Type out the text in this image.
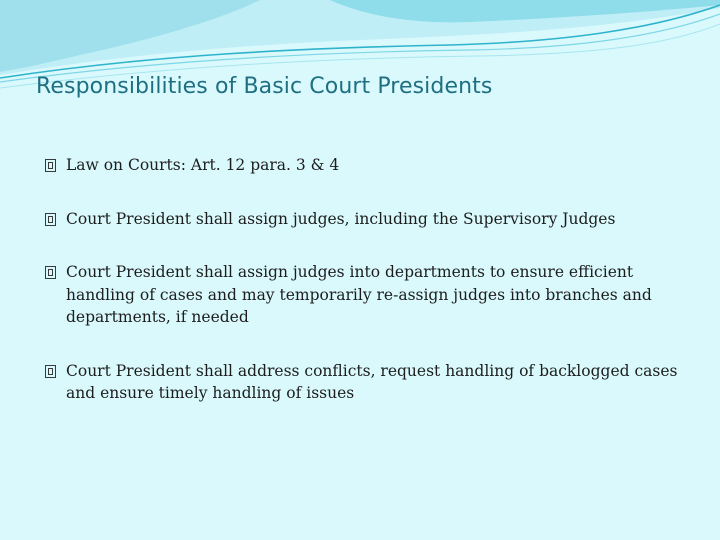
Responsibilities of Basic Court Presidents
Law on Courts: Art. 12 para. 3 & 4
Court President shall assign judges, including the Supervisory Judges
Court President shall assign judges into departments to ensure efficient handling of cases and may temporarily re-assign judges into branches and departments, if needed
Court President shall address conflicts, request handling of backlogged cases and ensure timely handling of issues
